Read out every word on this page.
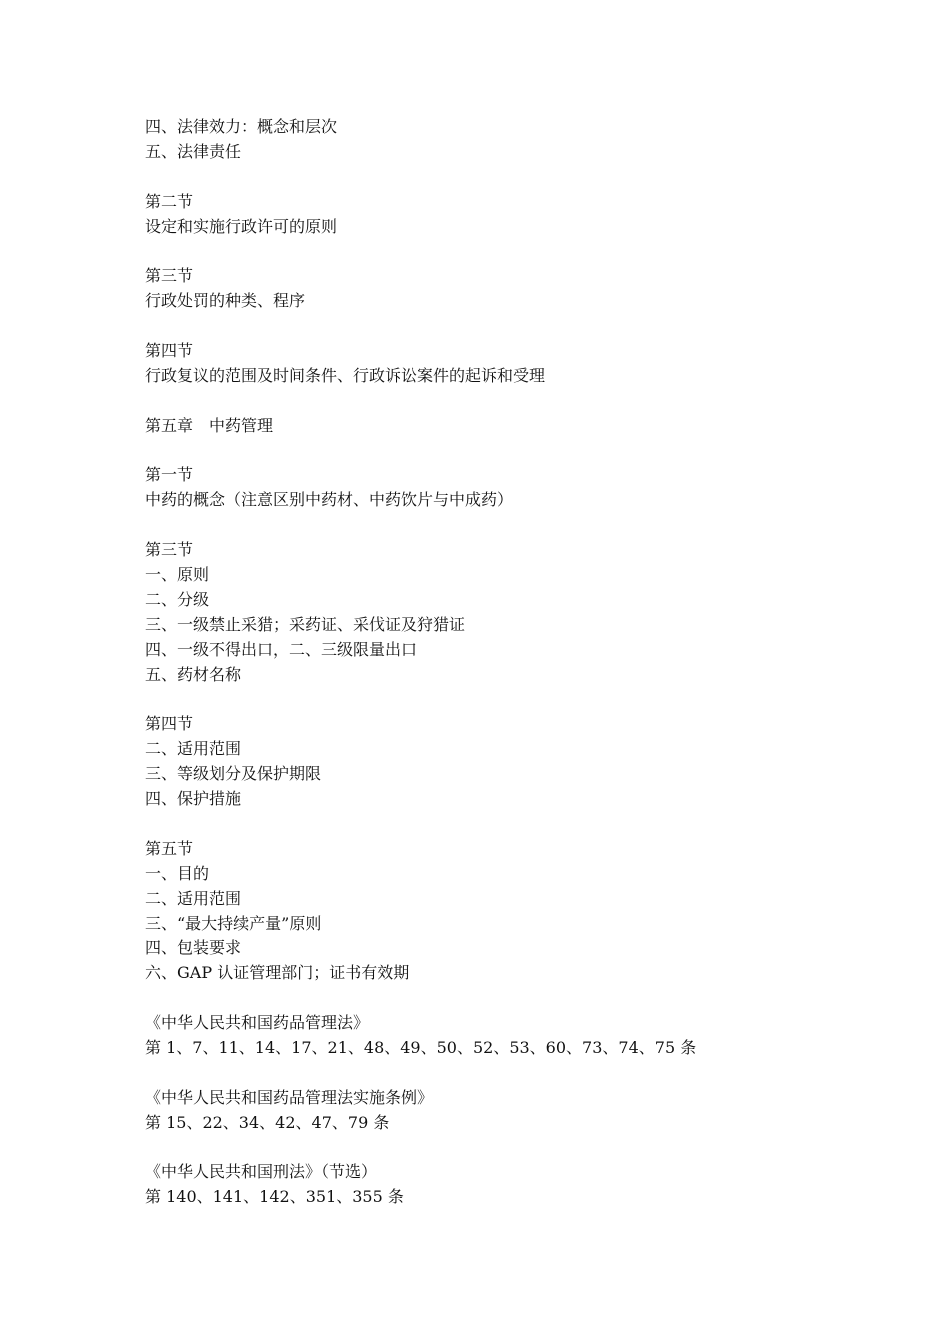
四、法律效力：概念和层次
五、法律责任
第二节
设定和实施行政许可的原则
第三节
行政处罚的种类、程序
第四节
行政复议的范围及时间条件、行政诉讼案件的起诉和受理
第五章　中药管理
第一节
中药的概念（注意区别中药材、中药饮片与中成药）
第三节
一、原则
二、分级
三、一级禁止采猎；采药证、采伐证及狩猎证
四、一级不得出口，二、三级限量出口
五、药材名称
第四节
二、适用范围
三、等级划分及保护期限
四、保护措施
第五节
一、目的
二、适用范围
三、“最大持续产量”原则
四、包装要求
六、GAP 认证管理部门；证书有效期
《中华人民共和国药品管理法》
第 1、7、11、14、17、21、48、49、50、52、53、60、73、74、75 条
《中华人民共和国药品管理法实施条例》
第 15、22、34、42、47、79 条
《中华人民共和国刑法》（节选）
第 140、141、142、351、355 条
